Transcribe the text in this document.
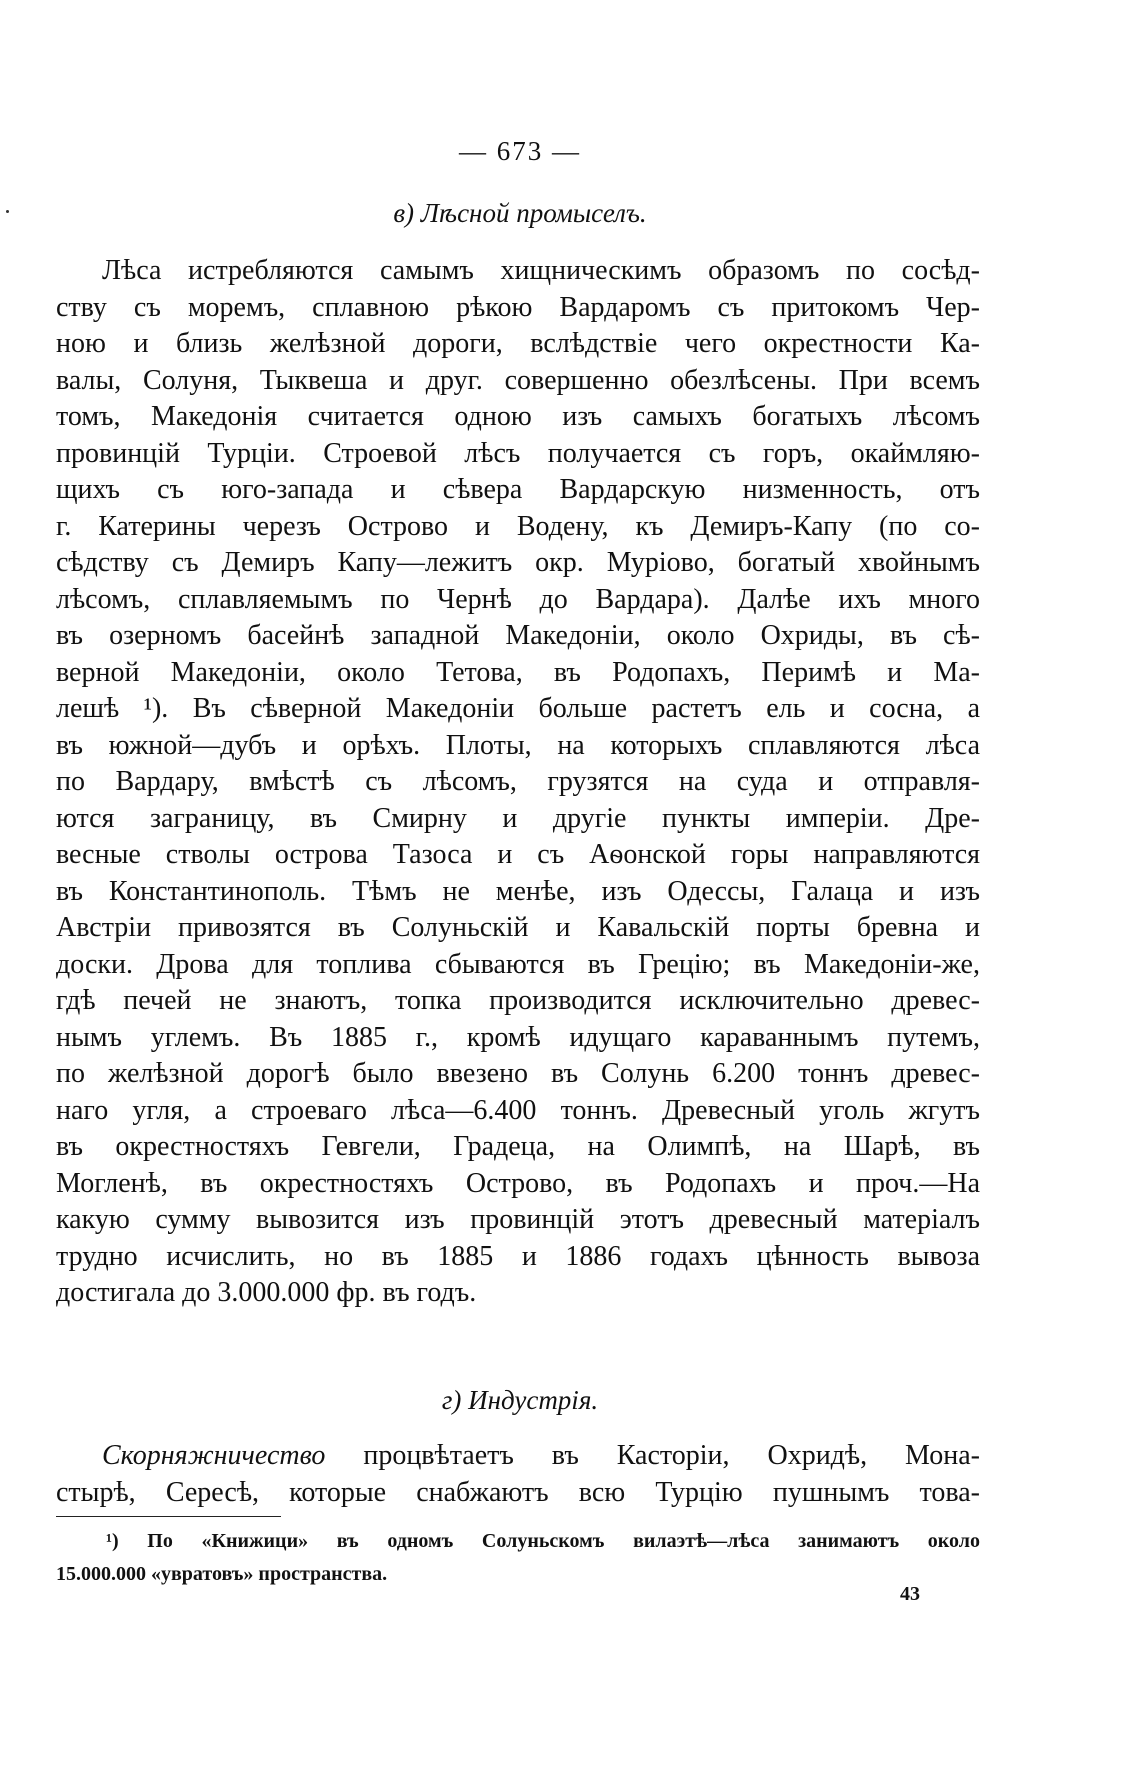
— 673 —
в) Лѣсной промыселъ.
Лѣса истребляются самымъ хищническимъ образомъ по сосѣд-
ству съ моремъ, сплавною рѣкою Вардаромъ съ притокомъ Чер-
ною и близь желѣзной дороги, вслѣдствіе чего окрестности Ка-
валы, Солуня, Тыквеша и друг. совершенно обезлѣсены. При всемъ
томъ, Македонія считается одною изъ самыхъ богатыхъ лѣсомъ
провинцій Турціи. Строевой лѣсъ получается съ горъ, окаймляю-
щихъ съ юго-запада и сѣвера Вардарскую низменность, отъ
г. Катерины черезъ Острово и Водену, къ Демиръ-Капу (по со-
сѣдству съ Демиръ Капу—лежитъ окр. Муріово, богатый хвойнымъ
лѣсомъ, сплавляемымъ по Чернѣ до Вардара). Далѣе ихъ много
въ озерномъ басейнѣ западной Македоніи, около Охриды, въ сѣ-
верной Македоніи, около Тетова, въ Родопахъ, Перимѣ и Ма-
лешѣ ¹). Въ сѣверной Македоніи больше растетъ ель и сосна, а
въ южной—дубъ и орѣхъ. Плоты, на которыхъ сплавляются лѣса
по Вардару, вмѣстѣ съ лѣсомъ, грузятся на суда и отправля-
ются заграницу, въ Смирну и другіе пункты имперіи. Дре-
весные стволы острова Тазоса и съ Аѳонской горы направляются
въ Константинополь. Тѣмъ не менѣе, изъ Одессы, Галаца и изъ
Австріи привозятся въ Солуньскій и Кавальскій порты бревна и
доски. Дрова для топлива сбываются въ Грецію; въ Македоніи-же,
гдѣ печей не знаютъ, топка производится исключительно древес-
нымъ углемъ. Въ 1885 г., кромѣ идущаго караваннымъ путемъ,
по желѣзной дорогѣ было ввезено въ Солунь 6.200 тоннъ древес-
наго угля, а строеваго лѣса—6.400 тоннъ. Древесный уголь жгутъ
въ окрестностяхъ Гевгели, Градеца, на Олимпѣ, на Шарѣ, въ
Могленѣ, въ окрестностяхъ Острово, въ Родопахъ и проч.—На
какую сумму вывозится изъ провинцій этотъ древесный матеріалъ
трудно исчислить, но въ 1885 и 1886 годахъ цѣнность вывоза
достигала до 3.000.000 фр. въ годъ.
г) Индустрія.
Скорняжничество процвѣтаетъ въ Касторіи, Охридѣ, Мона-
стырѣ, Сересѣ, которые снабжаютъ всю Турцію пушнымъ това-
¹) По «Книжици» въ одномъ Солуньскомъ вилаэтѣ—лѣса занимаютъ около
15.000.000 «увратовъ» пространства.
43
